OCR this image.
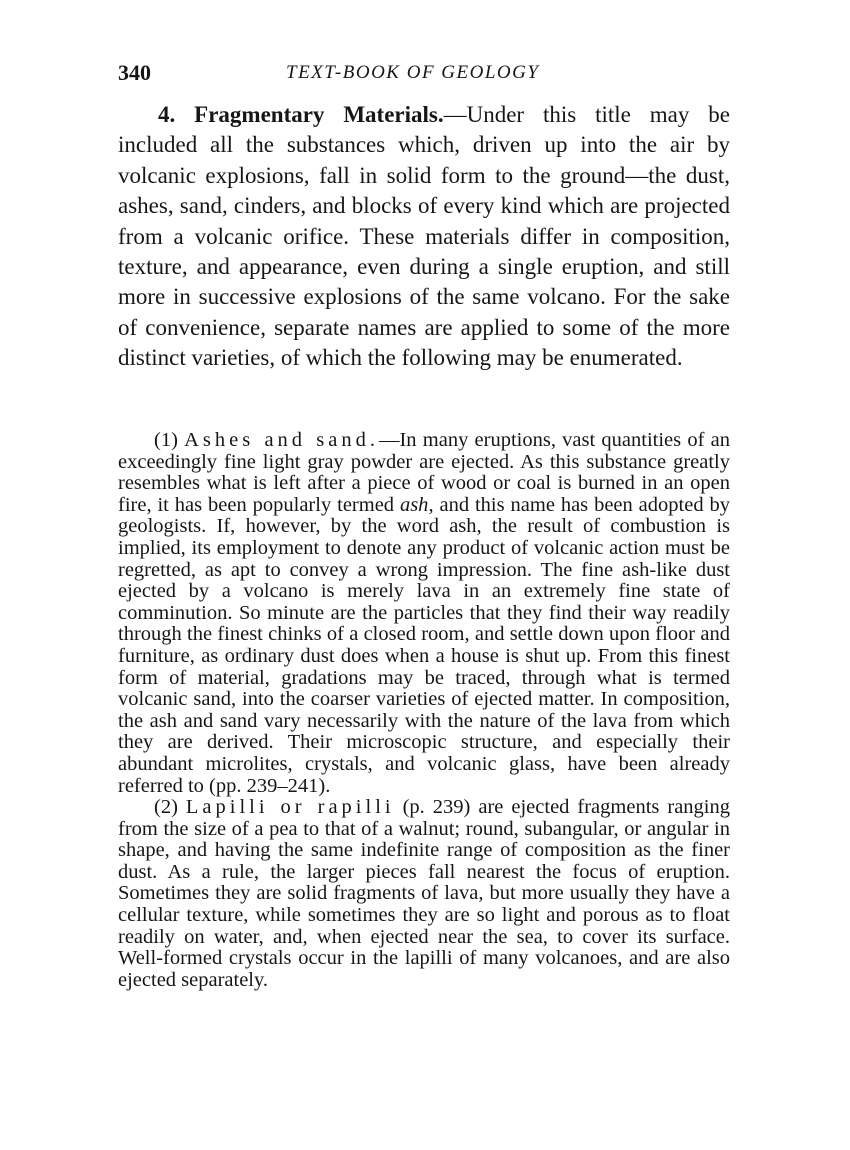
340	TEXT-BOOK OF GEOLOGY

4. Fragmentary Materials.—Under this title may be included all the substances which, driven up into the air by volcanic explosions, fall in solid form to the ground—the dust, ashes, sand, cinders, and blocks of every kind which are projected from a volcanic orifice. These materials differ in composition, texture, and appearance, even during a single eruption, and still more in successive explosions of the same volcano. For the sake of convenience, separate names are applied to some of the more distinct varieties, of which the following may be enumerated.

(1) Ashes and sand.—In many eruptions, vast quantities of an exceedingly fine light gray powder are ejected. As this substance greatly resembles what is left after a piece of wood or coal is burned in an open fire, it has been popularly termed ash, and this name has been adopted by geologists. If, however, by the word ash, the result of combustion is implied, its employment to denote any product of volcanic action must be regretted, as apt to convey a wrong impression. The fine ash-like dust ejected by a volcano is merely lava in an extremely fine state of comminution. So minute are the particles that they find their way readily through the finest chinks of a closed room, and settle down upon floor and furniture, as ordinary dust does when a house is shut up. From this finest form of material, gradations may be traced, through what is termed volcanic sand, into the coarser varieties of ejected matter. In composition, the ash and sand vary necessarily with the nature of the lava from which they are derived. Their microscopic structure, and especially their abundant microlites, crystals, and volcanic glass, have been already referred to (pp. 239–241).

(2) Lapilli or rapilli (p. 239) are ejected fragments ranging from the size of a pea to that of a walnut; round, subangular, or angular in shape, and having the same indefinite range of composition as the finer dust. As a rule, the larger pieces fall nearest the focus of eruption. Sometimes they are solid fragments of lava, but more usually they have a cellular texture, while sometimes they are so light and porous as to float readily on water, and, when ejected near the sea, to cover its surface. Well-formed crystals occur in the lapilli of many volcanoes, and are also ejected separately.
